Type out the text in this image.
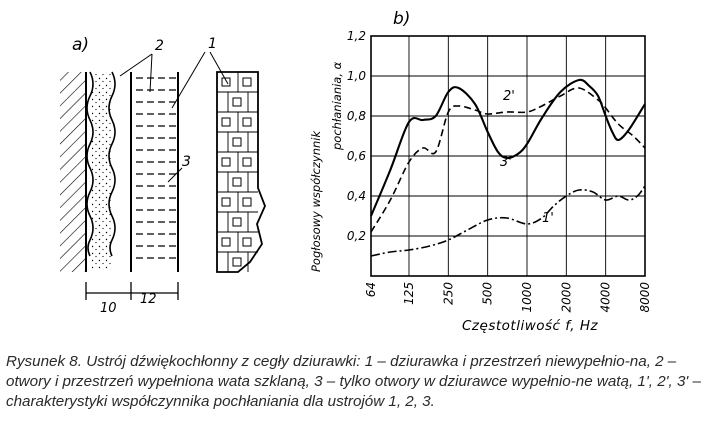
a)	2	1
3
10
12
b)
Pogłosowy współczynnik
pochłaniania, α
0,2
0,4
0,6
0,8
1,0
1,2
64 125 250 500 1000 2000 4000 8000
2'
3'
1'
Częstotliwość f, Hz
Rysunek 8. Ustrój dźwiękochłonny z cegły dziurawki: 1 – dziurawka i przestrzeń niewypełnio-na, 2 – otwory i przestrzeń wypełniona wata szklaną, 3 – tylko otwory w dziurawce wypełnio-ne watą, 1', 2', 3' – charakterystyki współczynnika pochłaniania dla ustrojów 1, 2, 3.
